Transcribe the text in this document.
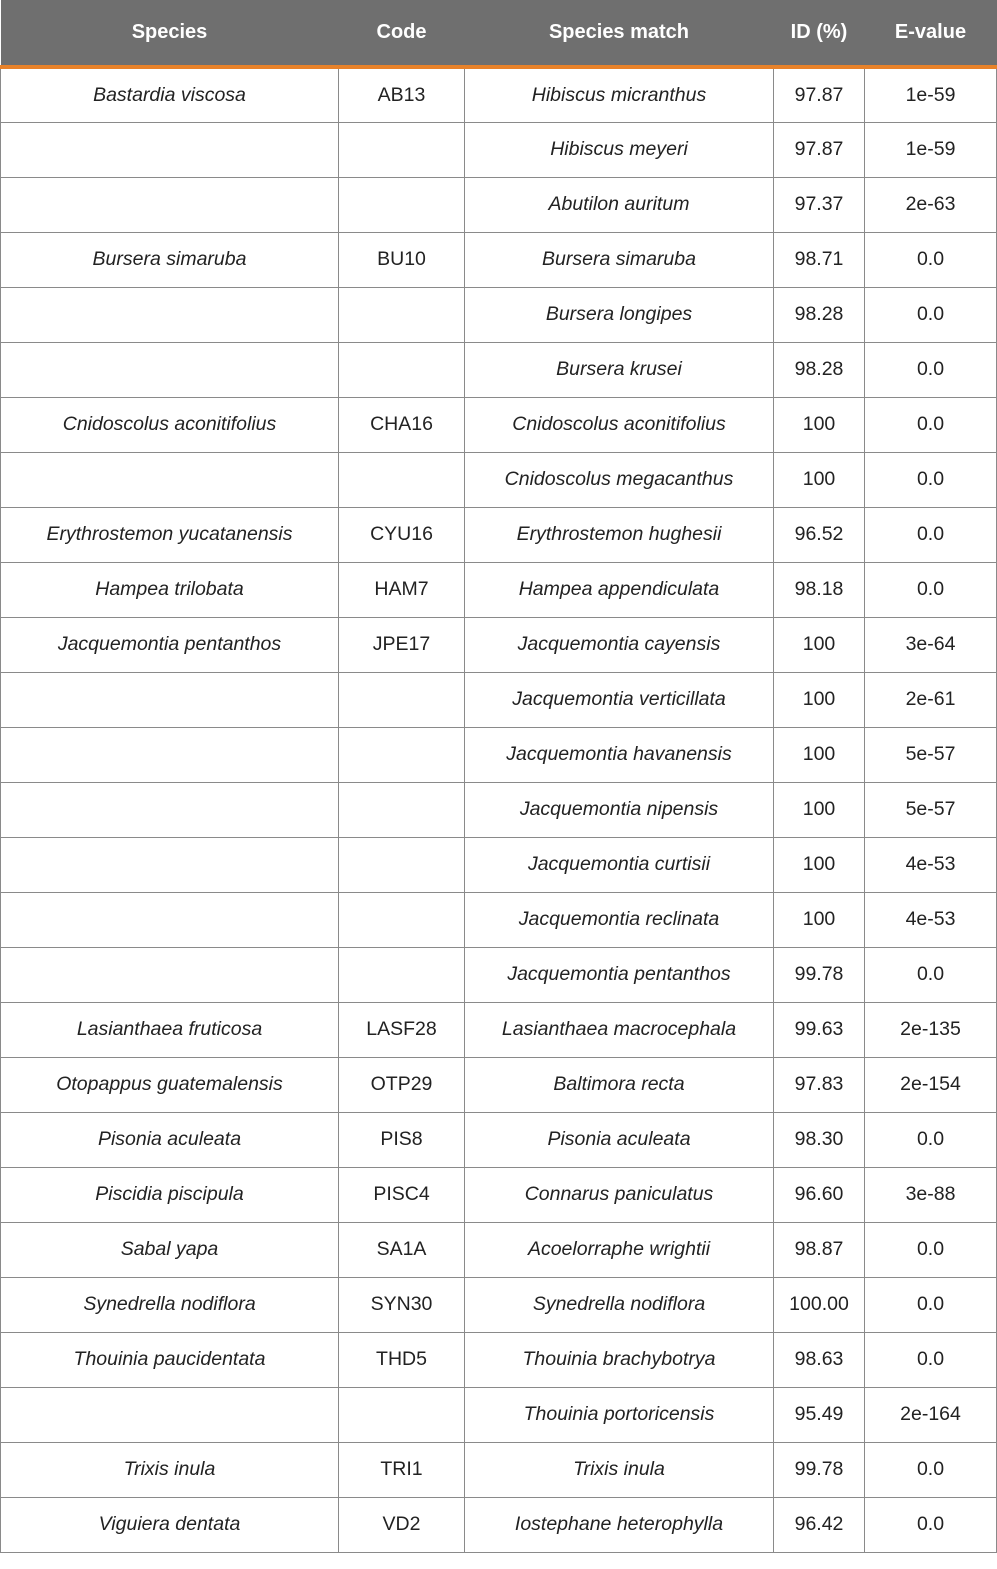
Species	Code	Species match	ID (%)	E-value
Bastardia viscosa	AB13	Hibiscus micranthus	97.87	1e-59
		Hibiscus meyeri	97.87	1e-59
		Abutilon auritum	97.37	2e-63
Bursera simaruba	BU10	Bursera simaruba	98.71	0.0
		Bursera longipes	98.28	0.0
		Bursera krusei	98.28	0.0
Cnidoscolus aconitifolius	CHA16	Cnidoscolus aconitifolius	100	0.0
		Cnidoscolus megacanthus	100	0.0
Erythrostemon yucatanensis	CYU16	Erythrostemon hughesii	96.52	0.0
Hampea trilobata	HAM7	Hampea appendiculata	98.18	0.0
Jacquemontia pentanthos	JPE17	Jacquemontia cayensis	100	3e-64
		Jacquemontia verticillata	100	2e-61
		Jacquemontia havanensis	100	5e-57
		Jacquemontia nipensis	100	5e-57
		Jacquemontia curtisii	100	4e-53
		Jacquemontia reclinata	100	4e-53
		Jacquemontia pentanthos	99.78	0.0
Lasianthaea fruticosa	LASF28	Lasianthaea macrocephala	99.63	2e-135
Otopappus guatemalensis	OTP29	Baltimora recta	97.83	2e-154
Pisonia aculeata	PIS8	Pisonia aculeata	98.30	0.0
Piscidia piscipula	PISC4	Connarus paniculatus	96.60	3e-88
Sabal yapa	SA1A	Acoelorraphe wrightii	98.87	0.0
Synedrella nodiflora	SYN30	Synedrella nodiflora	100.00	0.0
Thouinia paucidentata	THD5	Thouinia brachybotrya	98.63	0.0
		Thouinia portoricensis	95.49	2e-164
Trixis inula	TRI1	Trixis inula	99.78	0.0
Viguiera dentata	VD2	Iostephane heterophylla	96.42	0.0
